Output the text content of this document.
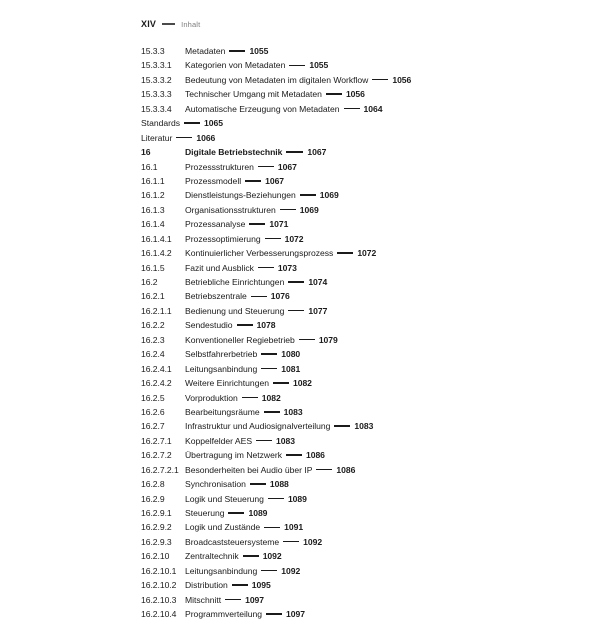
XIV	Inhalt
15.3.3	Metadaten	1055
15.3.3.1	Kategorien von Metadaten	1055
15.3.3.2	Bedeutung von Metadaten im digitalen Workflow	1056
15.3.3.3	Technischer Umgang mit Metadaten	1056
15.3.3.4	Automatische Erzeugung von Metadaten	1064
Standards	1065
Literatur	1066
16	Digitale Betriebstechnik	1067
16.1	Prozessstrukturen	1067
16.1.1	Prozessmodell	1067
16.1.2	Dienstleistungs-Beziehungen	1069
16.1.3	Organisationsstrukturen	1069
16.1.4	Prozessanalyse	1071
16.1.4.1	Prozessoptimierung	1072
16.1.4.2	Kontinuierlicher Verbesserungsprozess	1072
16.1.5	Fazit und Ausblick	1073
16.2	Betriebliche Einrichtungen	1074
16.2.1	Betriebszentrale	1076
16.2.1.1	Bedienung und Steuerung	1077
16.2.2	Sendestudio	1078
16.2.3	Konventioneller Regiebetrieb	1079
16.2.4	Selbstfahrerbetrieb	1080
16.2.4.1	Leitungsanbindung	1081
16.2.4.2	Weitere Einrichtungen	1082
16.2.5	Vorproduktion	1082
16.2.6	Bearbeitungsräume	1083
16.2.7	Infrastruktur und Audiosignalverteilung	1083
16.2.7.1	Koppelfelder AES	1083
16.2.7.2	Übertragung im Netzwerk	1086
16.2.7.2.1 Besonderheiten bei Audio über IP	1086
16.2.8	Synchronisation	1088
16.2.9	Logik und Steuerung	1089
16.2.9.1	Steuerung	1089
16.2.9.2	Logik und Zustände	1091
16.2.9.3	Broadcaststeuersysteme	1092
16.2.10	Zentraltechnik	1092
16.2.10.1	Leitungsanbindung	1092
16.2.10.2	Distribution	1095
16.2.10.3	Mitschnitt	1097
16.2.10.4	Programmverteilung	1097
